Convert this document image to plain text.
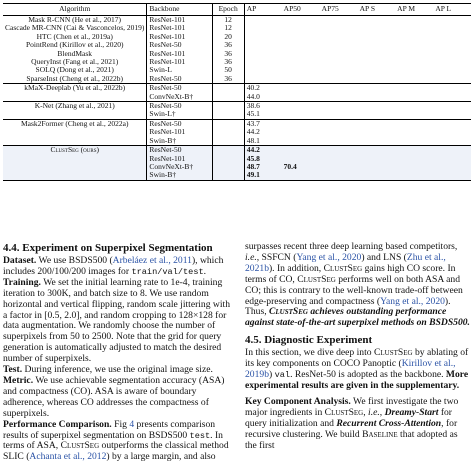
Algorithm	Backbone	Epoch	AP	AP50	AP75	AP S	AP M	AP L
Mask R-CNN (He et al., 2017)	ResNet-101	12						
Cascade MR-CNN (Cai & Vasconcelos, 2019)	ResNet-101	12						
HTC (Chen et al., 2019a)	ResNet-101	20						
PointRend (Kirillov et al., 2020)	ResNet-50	36						
BlendMask	ResNet-101	36						
QueryInst (Fang et al., 2021)	ResNet-101	36						
SOLQ (Dong et al., 2021)	Swin-L	50						
SparseInst (Cheng et al., 2022b)	ResNet-50	36						
kMaX-Deeplab (Yu et al., 2022b)	ResNet-50		40.2					
	ConvNeXt-B†		44.0					
K-Net (Zhang et al., 2021)	ResNet-50		38.6					
	Swin-L†		45.1					
Mask2Former (Cheng et al., 2022a)	ResNet-50		43.7					
	ResNet-101		44.2					
	Swin-B†		48.1					
ClustSeg (ours)	ResNet-50		44.2					
	ResNet-101		45.8					
	ConvNeXt-B†		48.7	70.4				
	Swin-B†		49.1					
4.4. Experiment on Superpixel Segmentation

Dataset. We use BSDS500 (Arbeláez et al., 2011), which includes 200/100/200 images for train/val/test.

Training. We set the initial learning rate to 1e-4, training iteration to 300K, and batch size to 8. We use random horizontal and vertical flipping, random scale jittering with a factor in [0.5, 2.0], and random cropping to 128×128 for data augmentation. We randomly choose the number of superpixels from 50 to 2500. Note that the grid for query generation is automatically adjusted to match the desired number of superpixels.

Test. During inference, we use the original image size.

Metric. We use achievable segmentation accuracy (ASA) and compactness (CO). ASA is aware of boundary adherence, whereas CO addresses the compactness of superpixels.

Performance Comparison. Fig 4 presents comparison results of superpixel segmentation on BSDS500 test. In terms of ASA, ClustSeg outperforms the classical method SLIC (Achanta et al., 2012) by a large margin, and also

surpasses recent three deep learning based competitors, i.e., SSFCN (Yang et al., 2020) and LNS (Zhu et al., 2021b). In addition, ClustSeg gains high CO score. In terms of CO, ClustSeg performs well on both ASA and CO; this is contrary to the well-known trade-off between edge-preserving and compactness (Yang et al., 2020). Thus, ClustSeg achieves outstanding performance against state-of-the-art superpixel methods on BSDS500.

4.5. Diagnostic Experiment

In this section, we dive deep into ClustSeg by ablating of its key components on COCO Panoptic (Kirillov et al., 2019b) val. ResNet-50 is adopted as the backbone. More experimental results are given in the supplementary.

Key Component Analysis. We first investigate the two major ingredients in ClustSeg, i.e., Dreamy-Start for query initialization and Recurrent Cross-Attention, for recursive clustering. We build Baseline that adopted as the first
